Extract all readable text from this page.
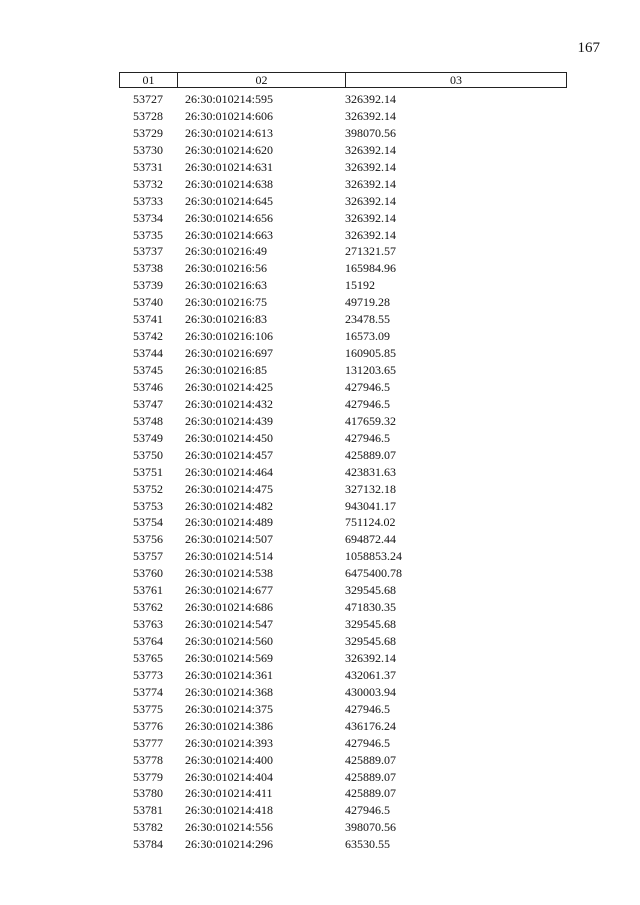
167
01	02	03
53727	26:30:010214:595	326392.14
53728	26:30:010214:606	326392.14
53729	26:30:010214:613	398070.56
53730	26:30:010214:620	326392.14
53731	26:30:010214:631	326392.14
53732	26:30:010214:638	326392.14
53733	26:30:010214:645	326392.14
53734	26:30:010214:656	326392.14
53735	26:30:010214:663	326392.14
53737	26:30:010216:49	271321.57
53738	26:30:010216:56	165984.96
53739	26:30:010216:63	15192
53740	26:30:010216:75	49719.28
53741	26:30:010216:83	23478.55
53742	26:30:010216:106	16573.09
53744	26:30:010216:697	160905.85
53745	26:30:010216:85	131203.65
53746	26:30:010214:425	427946.5
53747	26:30:010214:432	427946.5
53748	26:30:010214:439	417659.32
53749	26:30:010214:450	427946.5
53750	26:30:010214:457	425889.07
53751	26:30:010214:464	423831.63
53752	26:30:010214:475	327132.18
53753	26:30:010214:482	943041.17
53754	26:30:010214:489	751124.02
53756	26:30:010214:507	694872.44
53757	26:30:010214:514	1058853.24
53760	26:30:010214:538	6475400.78
53761	26:30:010214:677	329545.68
53762	26:30:010214:686	471830.35
53763	26:30:010214:547	329545.68
53764	26:30:010214:560	329545.68
53765	26:30:010214:569	326392.14
53773	26:30:010214:361	432061.37
53774	26:30:010214:368	430003.94
53775	26:30:010214:375	427946.5
53776	26:30:010214:386	436176.24
53777	26:30:010214:393	427946.5
53778	26:30:010214:400	425889.07
53779	26:30:010214:404	425889.07
53780	26:30:010214:411	425889.07
53781	26:30:010214:418	427946.5
53782	26:30:010214:556	398070.56
53784	26:30:010214:296	63530.55
